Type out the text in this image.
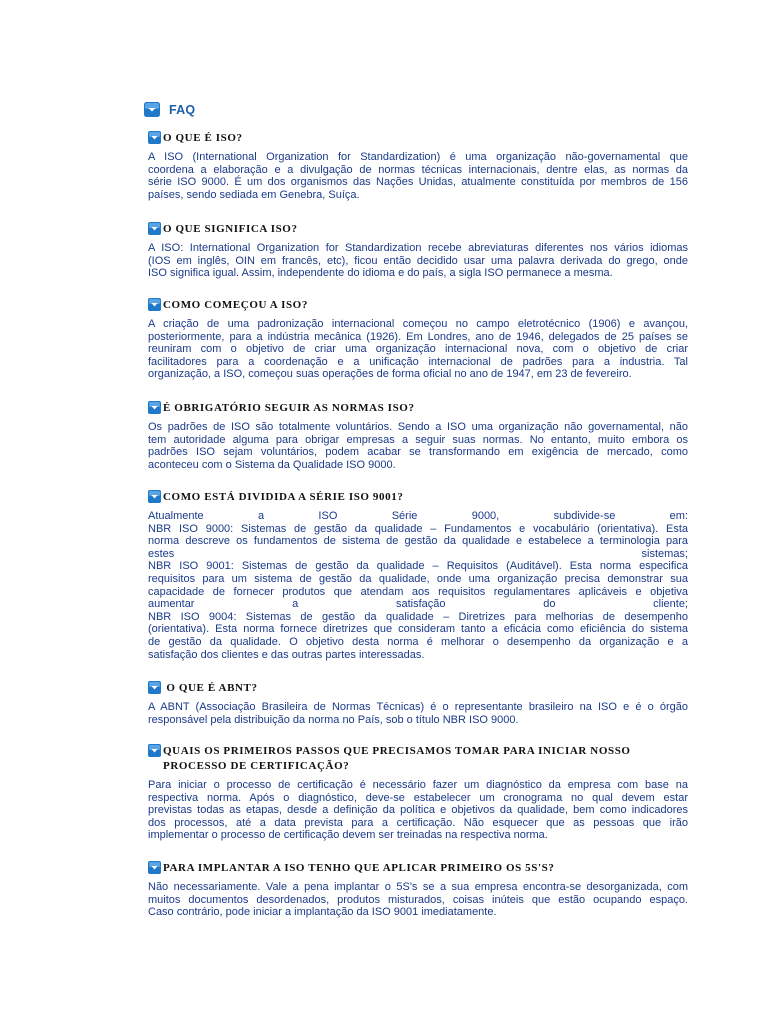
FAQ
O QUE É ISO?
A ISO (International Organization for Standardization) é uma organização não-governamental que
coordena a elaboração e a divulgação de normas técnicas internacionais, dentre elas, as normas da
série ISO 9000. É um dos organismos das Nações Unidas, atualmente constituída por membros de 156
países, sendo sediada em Genebra, Suíça.
O QUE SIGNIFICA ISO?
A ISO: International Organization for Standardization recebe abreviaturas diferentes nos vários idiomas
(IOS em inglês, OIN em francês, etc), ficou então decidido usar uma palavra derivada do grego, onde
ISO significa igual. Assim, independente do idioma e do país, a sigla ISO permanece a mesma.
COMO COMEÇOU A ISO?
A criação de uma padronização internacional começou no campo eletrotécnico (1906) e avançou,
posteriormente, para a indústria mecânica (1926). Em Londres, ano de 1946, delegados de 25 países se
reuniram com o objetivo de criar uma organização internacional nova, com o objetivo de criar
facilitadores para a coordenação e a unificação internacional de padrões para a industria. Tal
organização, a ISO, começou suas operações de forma oficial no ano de 1947, em 23 de fevereiro.
É OBRIGATÓRIO SEGUIR AS NORMAS ISO?
Os padrões de ISO são totalmente voluntários. Sendo a ISO uma organização não governamental, não
tem autoridade alguma para obrigar empresas a seguir suas normas. No entanto, muito embora os
padrões ISO sejam voluntários, podem acabar se transformando em exigência de mercado, como
aconteceu com o Sistema da Qualidade ISO 9000.
COMO ESTÁ DIVIDIDA A SÉRIE ISO 9001?
Atualmente a ISO Série 9000, subdivide-se em:
NBR ISO 9000: Sistemas de gestão da qualidade – Fundamentos e vocabulário (orientativa). Esta
norma descreve os fundamentos de sistema de gestão da qualidade e estabelece a terminologia para
estes sistemas;
NBR ISO 9001: Sistemas de gestão da qualidade – Requisitos (Auditável). Esta norma especifica
requisitos para um sistema de gestão da qualidade, onde uma organização precisa demonstrar sua
capacidade de fornecer produtos que atendam aos requisitos regulamentares aplicáveis e objetiva
aumentar a satisfação do cliente;
NBR ISO 9004: Sistemas de gestão da qualidade – Diretrizes para melhorias de desempenho
(orientativa). Esta norma fornece diretrizes que consideram tanto a eficácia como eficiência do sistema
de gestão da qualidade. O objetivo desta norma é melhorar o desempenho da organização e a
satisfação dos clientes e das outras partes interessadas.
O QUE É ABNT?
A ABNT (Associação Brasileira de Normas Técnicas) é o representante brasileiro na ISO e é o órgão
responsável pela distribuição da norma no País, sob o título NBR ISO 9000.
QUAIS OS PRIMEIROS PASSOS QUE PRECISAMOS TOMAR PARA INICIAR NOSSO PROCESSO DE CERTIFICAÇÃO?
Para iniciar o processo de certificação é necessário fazer um diagnóstico da empresa com base na
respectiva norma. Após o diagnóstico, deve-se estabelecer um cronograma no qual devem estar
previstas todas as etapas, desde a definição da política e objetivos da qualidade, bem como indicadores
dos processos, até a data prevista para a certificação. Não esquecer que as pessoas que irão
implementar o processo de certificação devem ser treinadas na respectiva norma.
PARA IMPLANTAR A ISO TENHO QUE APLICAR PRIMEIRO OS 5S'S?
Não necessariamente. Vale a pena implantar o 5S's se a sua empresa encontra-se desorganizada, com
muitos documentos desordenados, produtos misturados, coisas inúteis que estão ocupando espaço.
Caso contrário, pode iniciar a implantação da ISO 9001 imediatamente.
